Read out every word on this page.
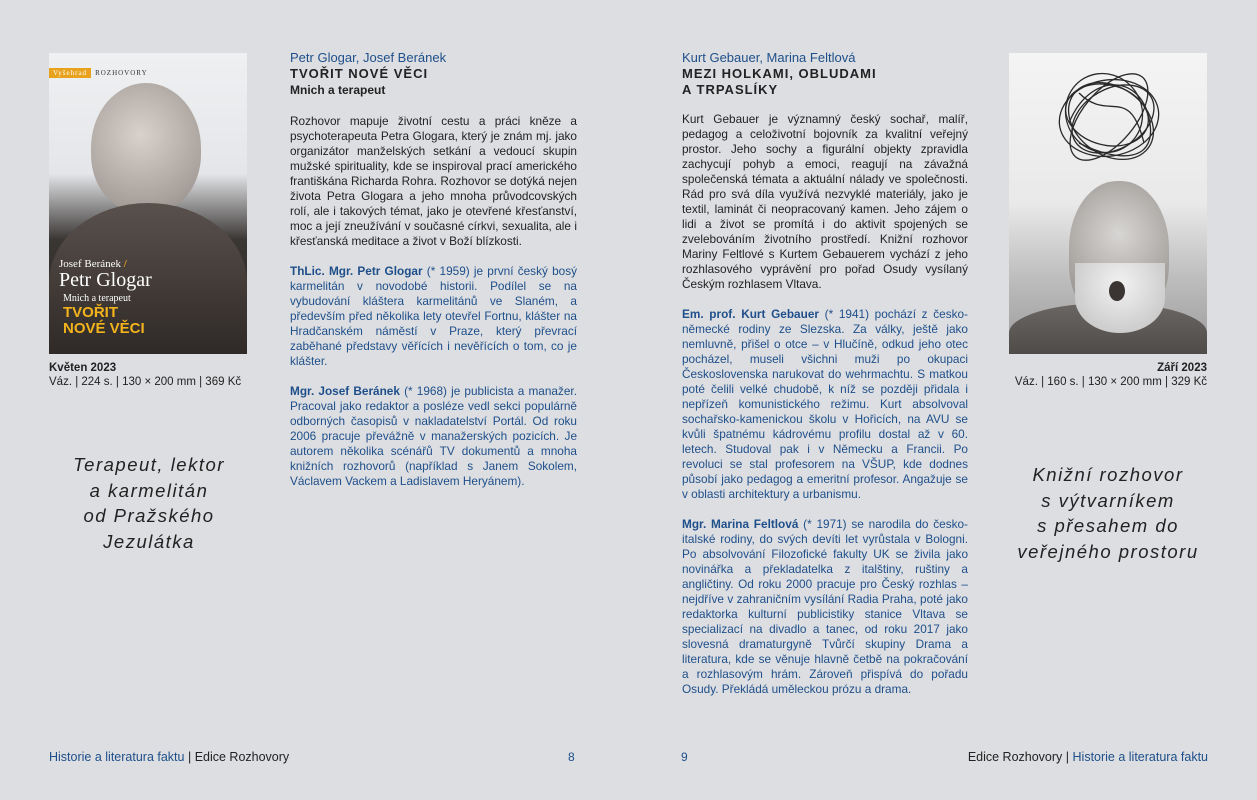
Vyšehrad ROZHOVORY
Josef Beránek /
Petr Glogar
Mnich a terapeut
TVOŘIT
NOVÉ VĚCI
Květen 2023
Váz. | 224 s. | 130 × 200 mm | 369 Kč
Terapeut, lektor
a karmelitán
od Pražského
Jezulátka
Petr Glogar, Josef Beránek
TVOŘIT NOVÉ VĚCI
Mnich a terapeut

Rozhovor mapuje životní cestu a práci kněze a psychoterapeuta Petra Glogara, který je znám mj. jako organizátor manželských setkání a vedoucí skupin mužské spirituality, kde se inspiroval prací amerického františkána Richarda Rohra. Rozhovor se dotýká nejen života Petra Glogara a jeho mnoha průvodcovských rolí, ale i takových témat, jako je otevřené křesťanství, moc a její zneužívání v současné církvi, sexualita, ale i křesťanská meditace a život v Boží blízkosti.

ThLic. Mgr. Petr Glogar (* 1959) je první český bosý karmelitán v novodobé historii. Podílel se na vybudování kláštera karmelitánů ve Slaném, a především před několika lety otevřel Fortnu, klášter na Hradčanském náměstí v Praze, který převrací zaběhané představy věřících i nevěřících o tom, co je klášter.

Mgr. Josef Beránek (* 1968) je publicista a manažer. Pracoval jako redaktor a posléze vedl sekci populárně odborných časopisů v nakladatelství Portál. Od roku 2006 pracuje převážně v manažerských pozicích. Je autorem několika scénářů TV dokumentů a mnoha knižních rozhovorů (například s Janem Sokolem, Václavem Vackem a Ladislavem Heryánem).

Historie a literatura faktu | Edice Rozhovory	8
Kurt Gebauer, Marina Feltlová
MEZI HOLKAMI, OBLUDAMI
A TRPASLÍKY

Kurt Gebauer je významný český sochař, malíř, pedagog a celoživotní bojovník za kvalitní veřejný prostor. Jeho sochy a figurální objekty zpravidla zachycují pohyb a emoci, reagují na závažná společenská témata a aktuální nálady ve společnosti. Rád pro svá díla využívá nezvyklé materiály, jako je textil, laminát či neopracovaný kamen. Jeho zájem o lidi a život se promítá i do aktivit spojených se zvelebováním životního prostředí. Knižní rozhovor Mariny Feltlové s Kurtem Gebauerem vychází z jeho rozhlasového vyprávění pro pořad Osudy vysílaný Českým rozhlasem Vltava.

Em. prof. Kurt Gebauer (* 1941) pochází z česko-německé rodiny ze Slezska. Za války, ještě jako nemluvně, přišel o otce – v Hlučíně, odkud jeho otec pocházel, museli všichni muži po okupaci Československa narukovat do wehrmachtu. S matkou poté čelili velké chudobě, k níž se později přidala i nepřízeň komunistického režimu. Kurt absolvoval sochařsko-kamenickou školu v Hořicích, na AVU se kvůli špatnému kádrovému profilu dostal až v 60. letech. Studoval pak i v Německu a Francii. Po revoluci se stal profesorem na VŠUP, kde dodnes působí jako pedagog a emeritní profesor. Angažuje se v oblasti architektury a urbanismu.

Mgr. Marina Feltlová (* 1971) se narodila do česko-italské rodiny, do svých devíti let vyrůstala v Bologni. Po absolvování Filozofické fakulty UK se živila jako novinářka a překladatelka z italštiny, ruštiny a angličtiny. Od roku 2000 pracuje pro Český rozhlas – nejdříve v zahraničním vysílání Radia Praha, poté jako redaktorka kulturní publicistiky stanice Vltava se specializací na divadlo a tanec, od roku 2017 jako slovesná dramaturgyně Tvůrčí skupiny Drama a literatura, kde se věnuje hlavně četbě na pokračování a rozhlasovým hrám. Zároveň přispívá do pořadu Osudy. Překládá uměleckou prózu a drama.

Září 2023
Váz. | 160 s. | 130 × 200 mm | 329 Kč
Knižní rozhovor
s výtvarníkem
s přesahem do
veřejného prostoru
9	Edice Rozhovory | Historie a literatura faktu
